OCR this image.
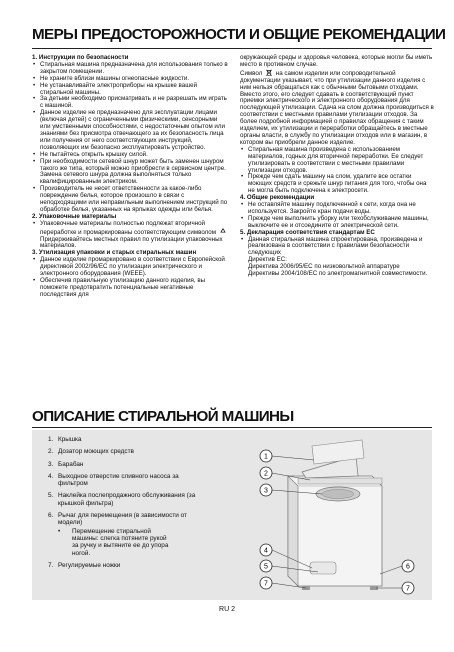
МЕРЫ ПРЕДОСТОРОЖНОСТИ И ОБЩИЕ РЕКОМЕНДАЦИИ
1. Инструкции по безопасности
• Стиральная машина предназначена для использования только в закрытом помещении.
• Не храните вблизи машины огнеопасные жидкости.
• Не устанавливайте электроприборы на крышке вашей стиральной машины.
• За детьми необходимо присматривать и не разрешать им играть с машиной.
• Данное изделие не предназначено для эксплуатации лицами (включая детей) с ограниченными физическими, сенсорными или умственными способностями, с недостаточным опытом или знаниями без присмотра отвечающего за их безопасность лица или получения от него соответствующих инструкций, позволяющих им безопасно эксплуатировать устройство.
• Не пытайтесь открыть крышку силой.
• При необходимости сетевой шнур может быть заменен шнуром такого же типа, который можно приобрести в сервисном центре.
Замена сетевого шнура должна выполняться только квалифицированным электриком.
• Производитель не несет ответственности за какое-либо повреждение белья, которое произошло в связи с неподходящими или неправильным выполнением инструкций по обработке белья, указанных на ярлыках одежды или белья.
2. Упаковочные материалы
• Упаковочные материалы полностью подлежат вторичной переработке и промаркированы соответствующим символом
Придерживайтесь местных правил по утилизации упаковочных материалов.
3. Утилизация упаковки и старых стиральных машин
• Данное изделие промаркировано в соответствии с Европейской директивой 2002/96/EC по утилизации электрического и электронного оборудования (WEEE).
• Обеспечив правильную утилизацию данного изделия, вы поможете предотвратить потенциальные негативные последствия для
окружающей среды и здоровья человека, которые могли бы иметь место в противном случае.
Символ на самом изделии или сопроводительной документации указывает, что при утилизации данного изделия с ним нельзя обращаться как с обычными бытовыми отходами. Вместо этого, его следует сдавать в соответствующий пункт приемки электрического и электронного оборудования для последующей утилизации. Сдача на слом должна производиться в соответствии с местными правилами утилизации отходов. За более подробной информацией о правилах обращения с таким изделием, их утилизации и переработки обращайтесь в местные органы власти, в службу по утилизации отходов или в магазин, в котором вы приобрели данное изделие.
• Стиральная машина произведена с использованием материалов, годных для вторичной переработки. Ее следует утилизировать в соответствии с местными правилами утилизации отходов.
• Прежде чем сдать машину на слом, удалите все остатки моющих средств и срежьте шнур питания для того, чтобы она не могла быть подключена к электросети.
4. Общие рекомендации
• Не оставляйте машину подключенной к сети, когда она не используется. Закройте кран подачи воды.
• Прежде чем выполнить уборку или техобслуживание машины, выключите ее и отсоедините от электрической сети.
5. Декларация соответствия стандартам ЕС
• Данная стиральная машина спроектирована, произведена и реализована в соответствии с правилами безопасности следующих
Директив ЕС:
Директива 2006/95/EC по низковольтной аппаратуре
Директивы 2004/108/EC по электромагнитной совместимости.
ОПИСАНИЕ СТИРАЛЬНОЙ МАШИНЫ
1. Крышка
2. Дозатор моющих средств
3. Барабан
4. Выходное отверстие сливного насоса за фильтром
5. Наклейка послепродажного обслуживания (за крышкой фильтра)
6. Рычаг для перемещения (в зависимости от модели)
• Перемещение стиральной
машины: слегка потяните рукой
за ручку и вытяните ее до упора
ногой.
7. Регулируемые ножки
1
2
3
4
5	6
7
7
RU 2
